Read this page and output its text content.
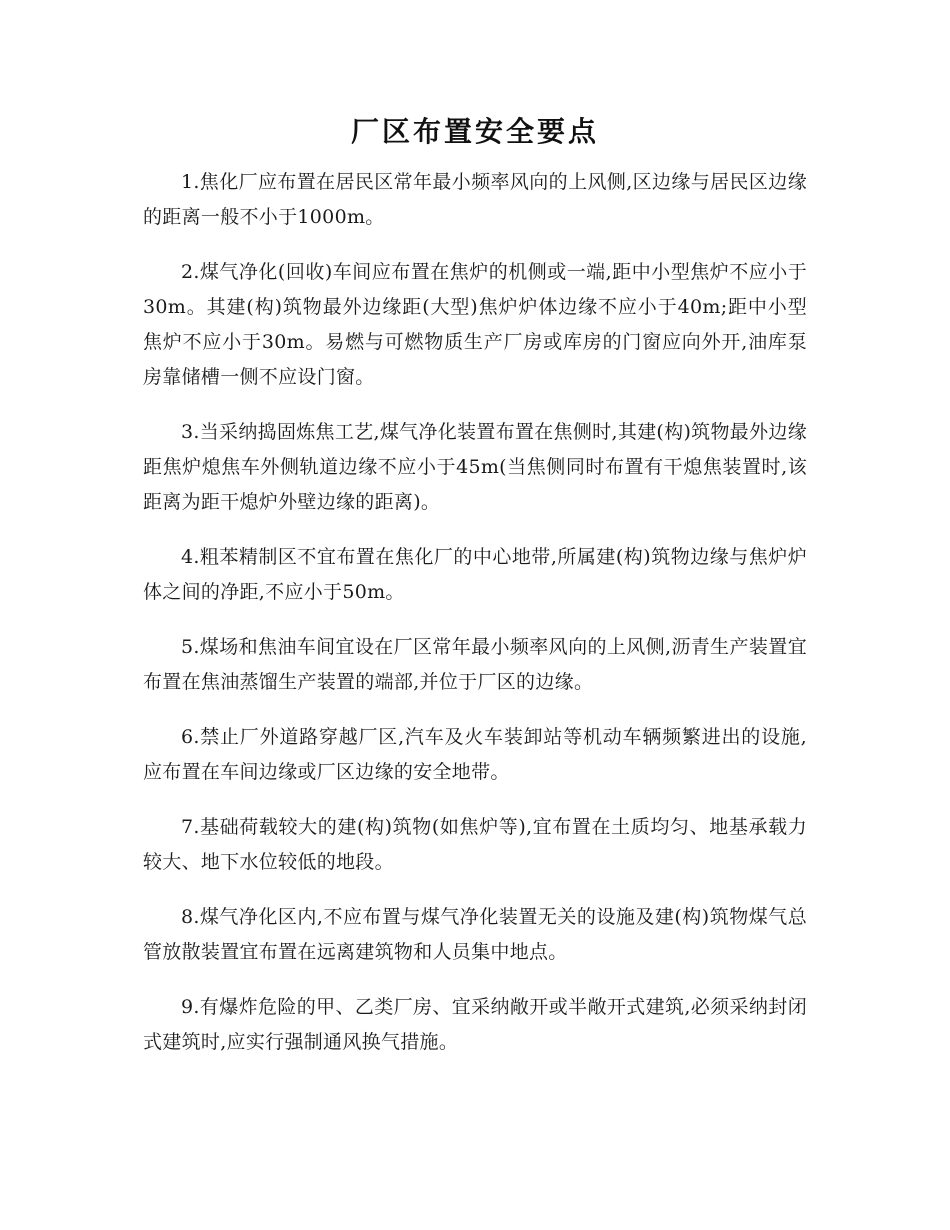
厂区布置安全要点

1.焦化厂应布置在居民区常年最小频率风向的上风侧,区边缘与居民区边缘的距离一般不小于1000m。

2.煤气净化(回收)车间应布置在焦炉的机侧或一端,距中小型焦炉不应小于30m。其建(构)筑物最外边缘距(大型)焦炉炉体边缘不应小于40m;距中小型焦炉不应小于30m。易燃与可燃物质生产厂房或库房的门窗应向外开,油库泵房靠储槽一侧不应设门窗。

3.当采纳捣固炼焦工艺,煤气净化装置布置在焦侧时,其建(构)筑物最外边缘距焦炉熄焦车外侧轨道边缘不应小于45m(当焦侧同时布置有干熄焦装置时,该距离为距干熄炉外壁边缘的距离)。

4.粗苯精制区不宜布置在焦化厂的中心地带,所属建(构)筑物边缘与焦炉炉体之间的净距,不应小于50m。

5.煤场和焦油车间宜设在厂区常年最小频率风向的上风侧,沥青生产装置宜布置在焦油蒸馏生产装置的端部,并位于厂区的边缘。

6.禁止厂外道路穿越厂区,汽车及火车装卸站等机动车辆频繁进出的设施,应布置在车间边缘或厂区边缘的安全地带。

7.基础荷载较大的建(构)筑物(如焦炉等),宜布置在土质均匀、地基承载力较大、地下水位较低的地段。

8.煤气净化区内,不应布置与煤气净化装置无关的设施及建(构)筑物煤气总管放散装置宜布置在远离建筑物和人员集中地点。

9.有爆炸危险的甲、乙类厂房、宜采纳敞开或半敞开式建筑,必须采纳封闭式建筑时,应实行强制通风换气措施。
